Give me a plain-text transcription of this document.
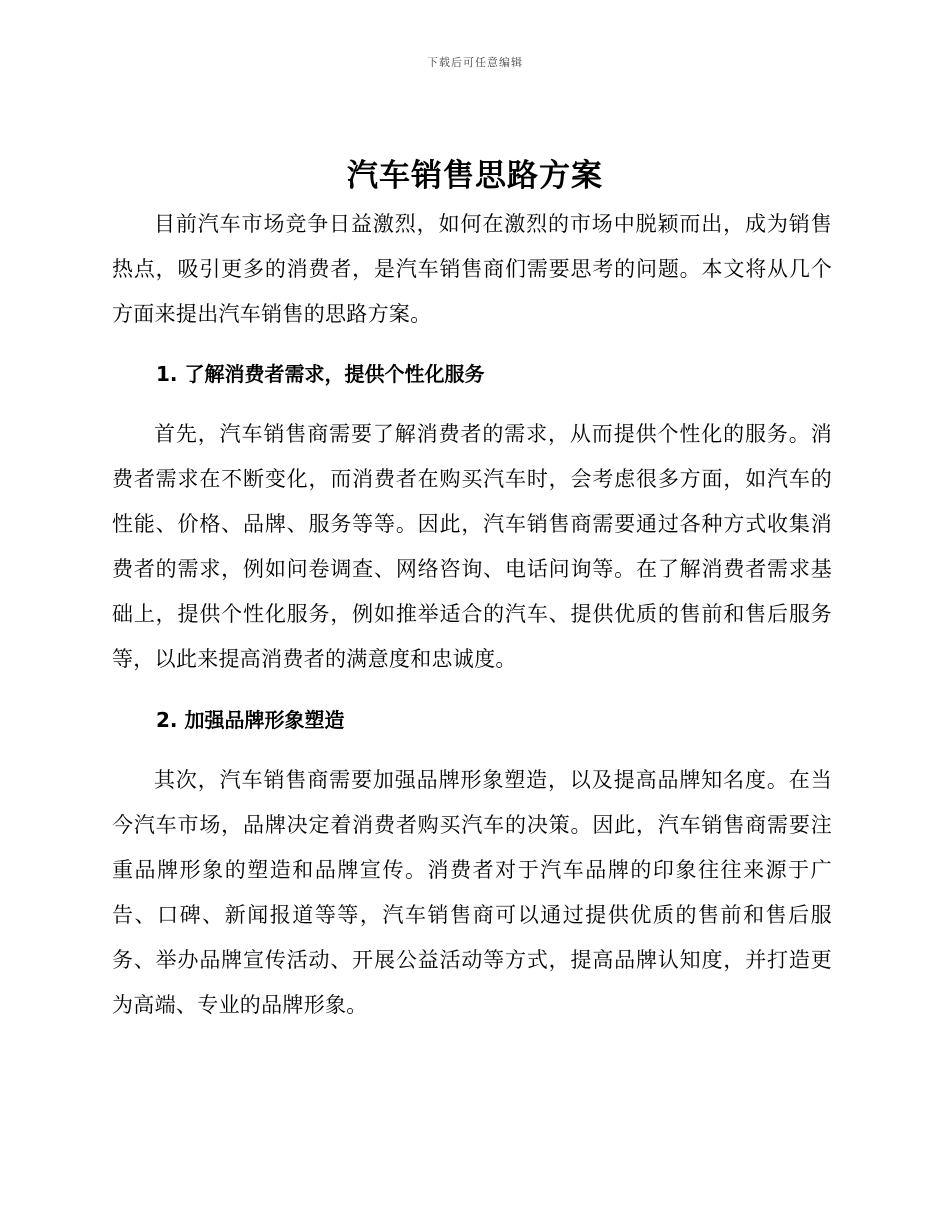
下载后可任意编辑
汽车销售思路方案

目前汽车市场竞争日益激烈，如何在激烈的市场中脱颖而出，成为销售热点，吸引更多的消费者，是汽车销售商们需要思考的问题。本文将从几个方面来提出汽车销售的思路方案。

1. 了解消费者需求，提供个性化服务

首先，汽车销售商需要了解消费者的需求，从而提供个性化的服务。消费者需求在不断变化，而消费者在购买汽车时，会考虑很多方面，如汽车的性能、价格、品牌、服务等等。因此，汽车销售商需要通过各种方式收集消费者的需求，例如问卷调查、网络咨询、电话问询等。在了解消费者需求基础上，提供个性化服务，例如推举适合的汽车、提供优质的售前和售后服务等，以此来提高消费者的满意度和忠诚度。

2. 加强品牌形象塑造

其次，汽车销售商需要加强品牌形象塑造，以及提高品牌知名度。在当今汽车市场，品牌决定着消费者购买汽车的决策。因此，汽车销售商需要注重品牌形象的塑造和品牌宣传。消费者对于汽车品牌的印象往往来源于广告、口碑、新闻报道等等，汽车销售商可以通过提供优质的售前和售后服务、举办品牌宣传活动、开展公益活动等方式，提高品牌认知度，并打造更为高端、专业的品牌形象。
